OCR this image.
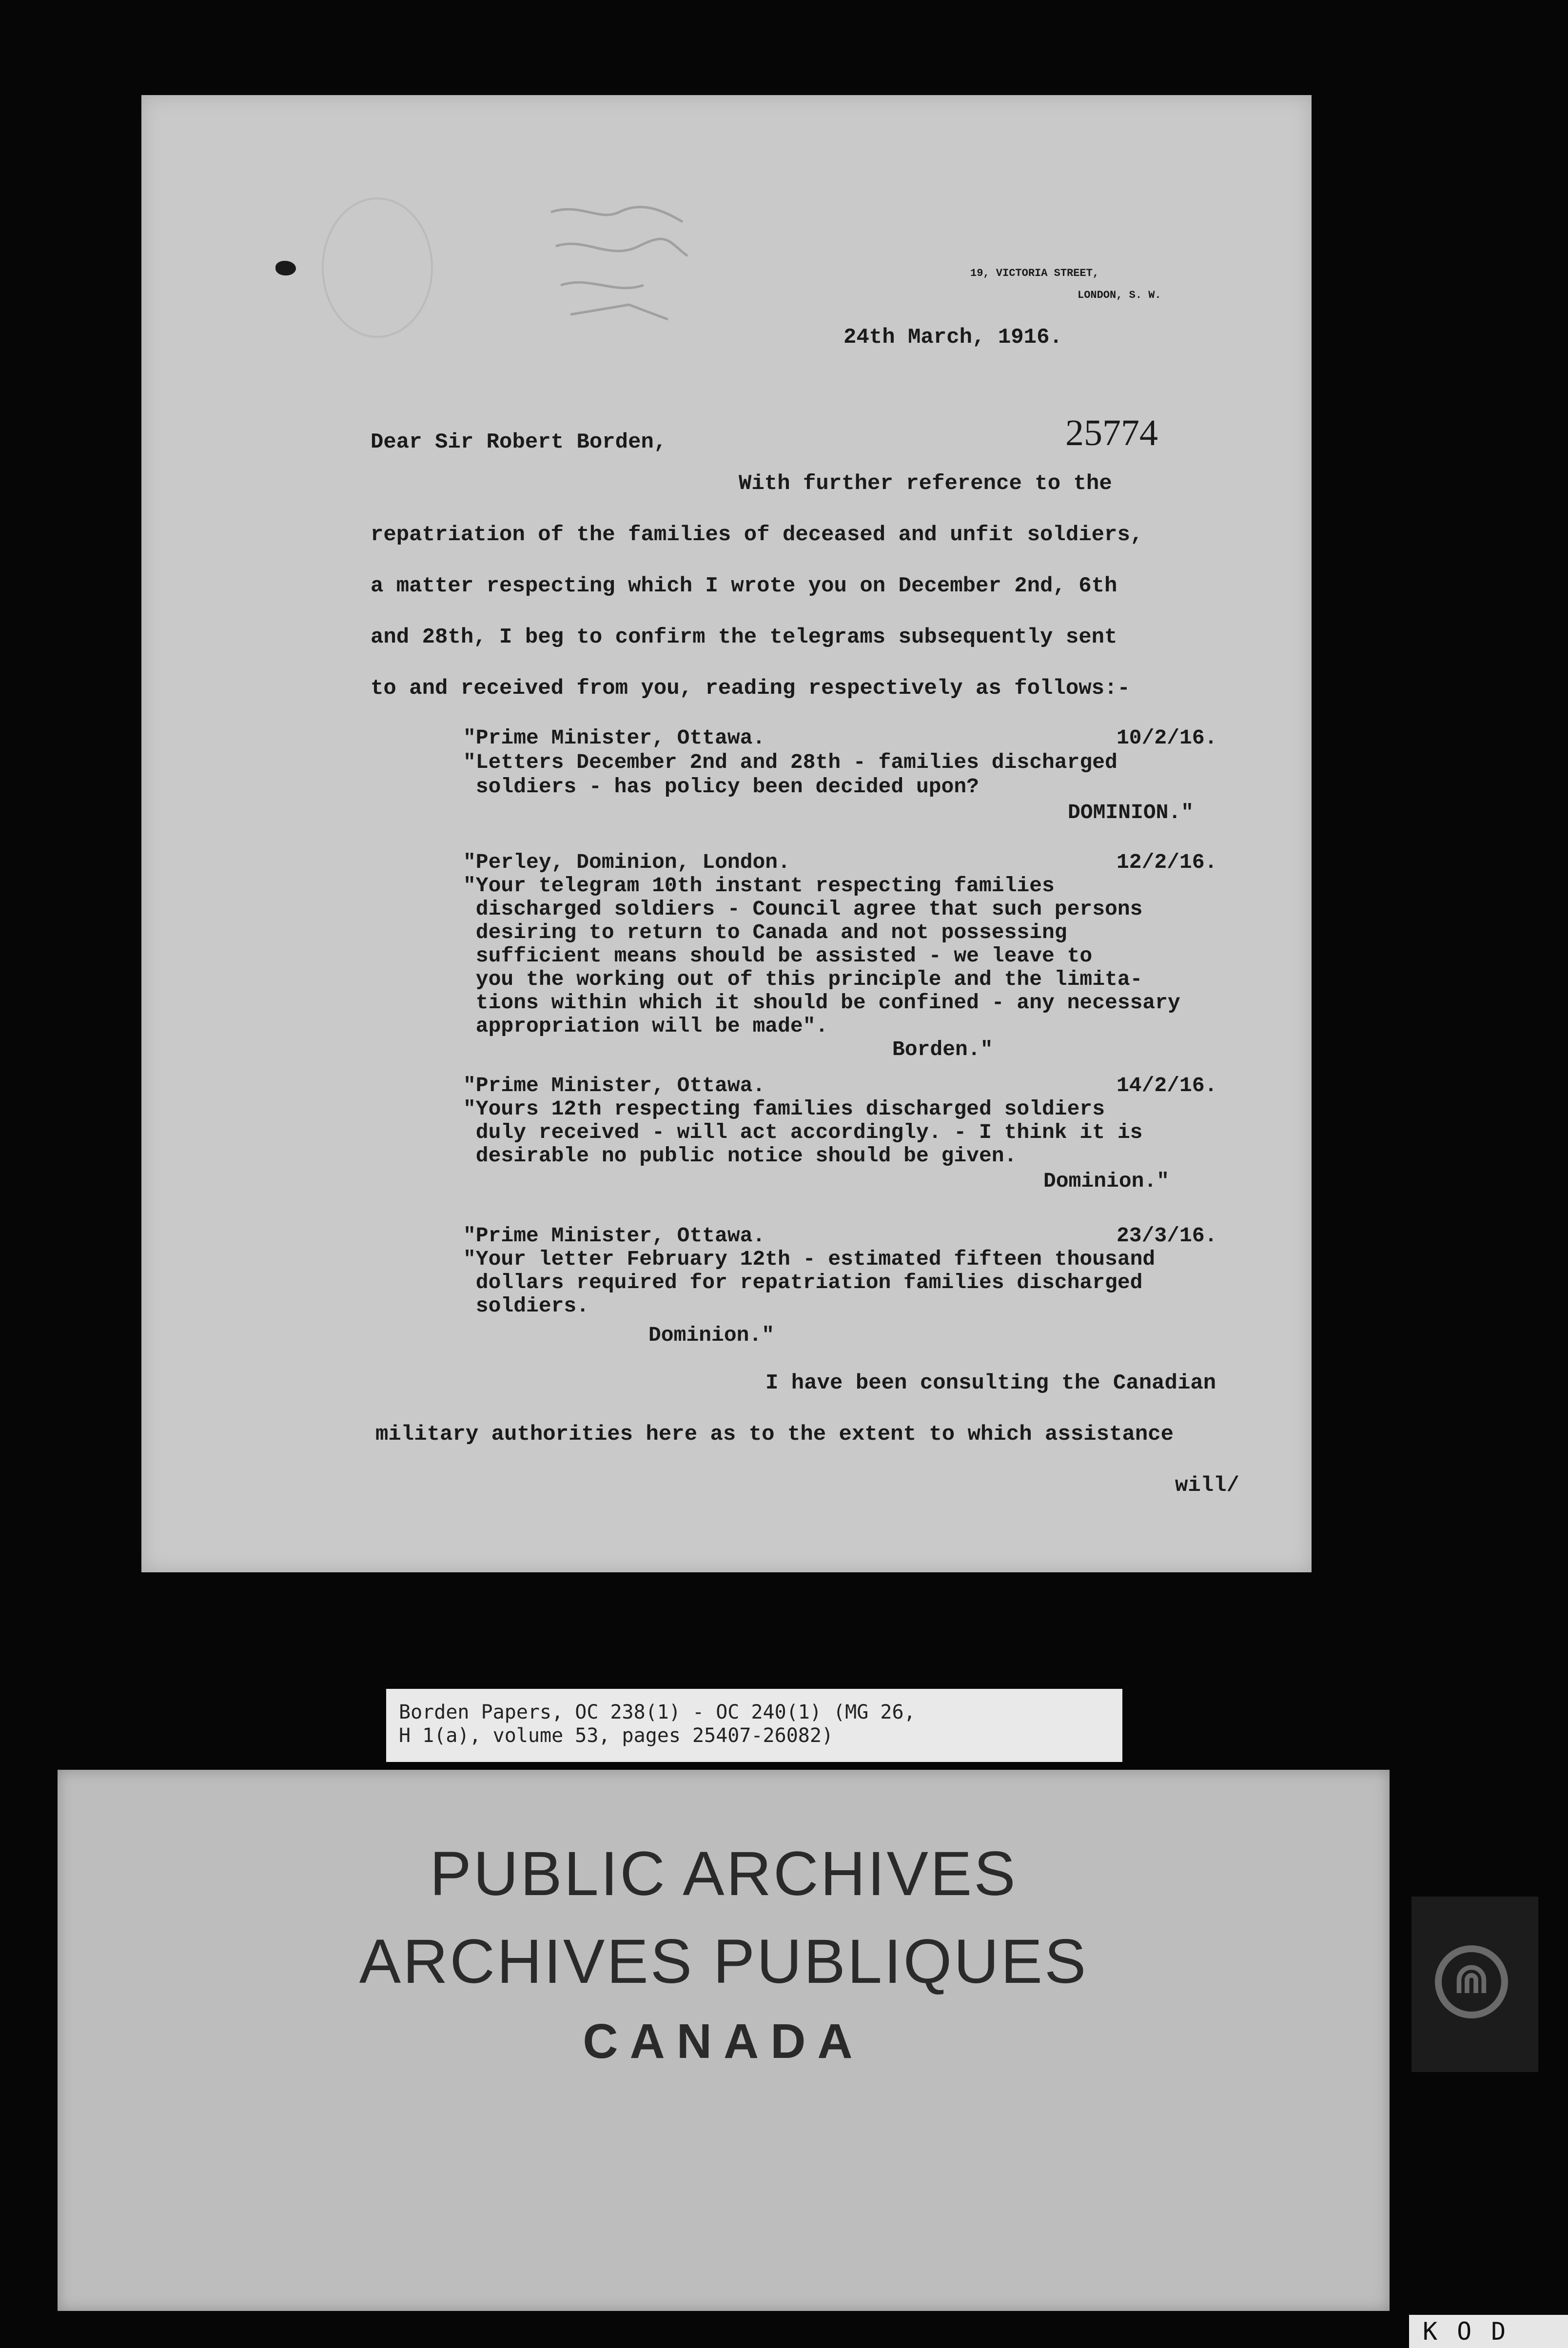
19, VICTORIA STREET,
LONDON, S. W.
24th March, 1916.
Dear Sir Robert Borden,	25774
With further reference to the
repatriation of the families of deceased and unfit soldiers,
a matter respecting which I wrote you on December 2nd, 6th
and 28th, I beg to confirm the telegrams subsequently sent
to and received from you, reading respectively as follows:-
"Prime Minister, Ottawa.	10/2/16.
"Letters December 2nd and 28th - families discharged
soldiers - has policy been decided upon?
DOMINION."
"Perley, Dominion, London.	12/2/16.
"Your telegram 10th instant respecting families
discharged soldiers - Council agree that such persons
desiring to return to Canada and not possessing
sufficient means should be assisted - we leave to
you the working out of this principle and the limita-
tions within which it should be confined - any necessary
appropriation will be made".
Borden."
"Prime Minister, Ottawa.	14/2/16.
"Yours 12th respecting families discharged soldiers
duly received - will act accordingly. - I think it is
desirable no public notice should be given.
Dominion."
"Prime Minister, Ottawa.	23/3/16.
"Your letter February 12th - estimated fifteen thousand
dollars required for repatriation families discharged
soldiers.
Dominion."
I have been consulting the Canadian
military authorities here as to the extent to which assistance
will/
Borden Papers, OC 238(1) - OC 240(1) (MG 26,
H 1(a), volume 53, pages 25407-26082)
PUBLIC ARCHIVES
ARCHIVES PUBLIQUES
CANADA
⋒
KOD
